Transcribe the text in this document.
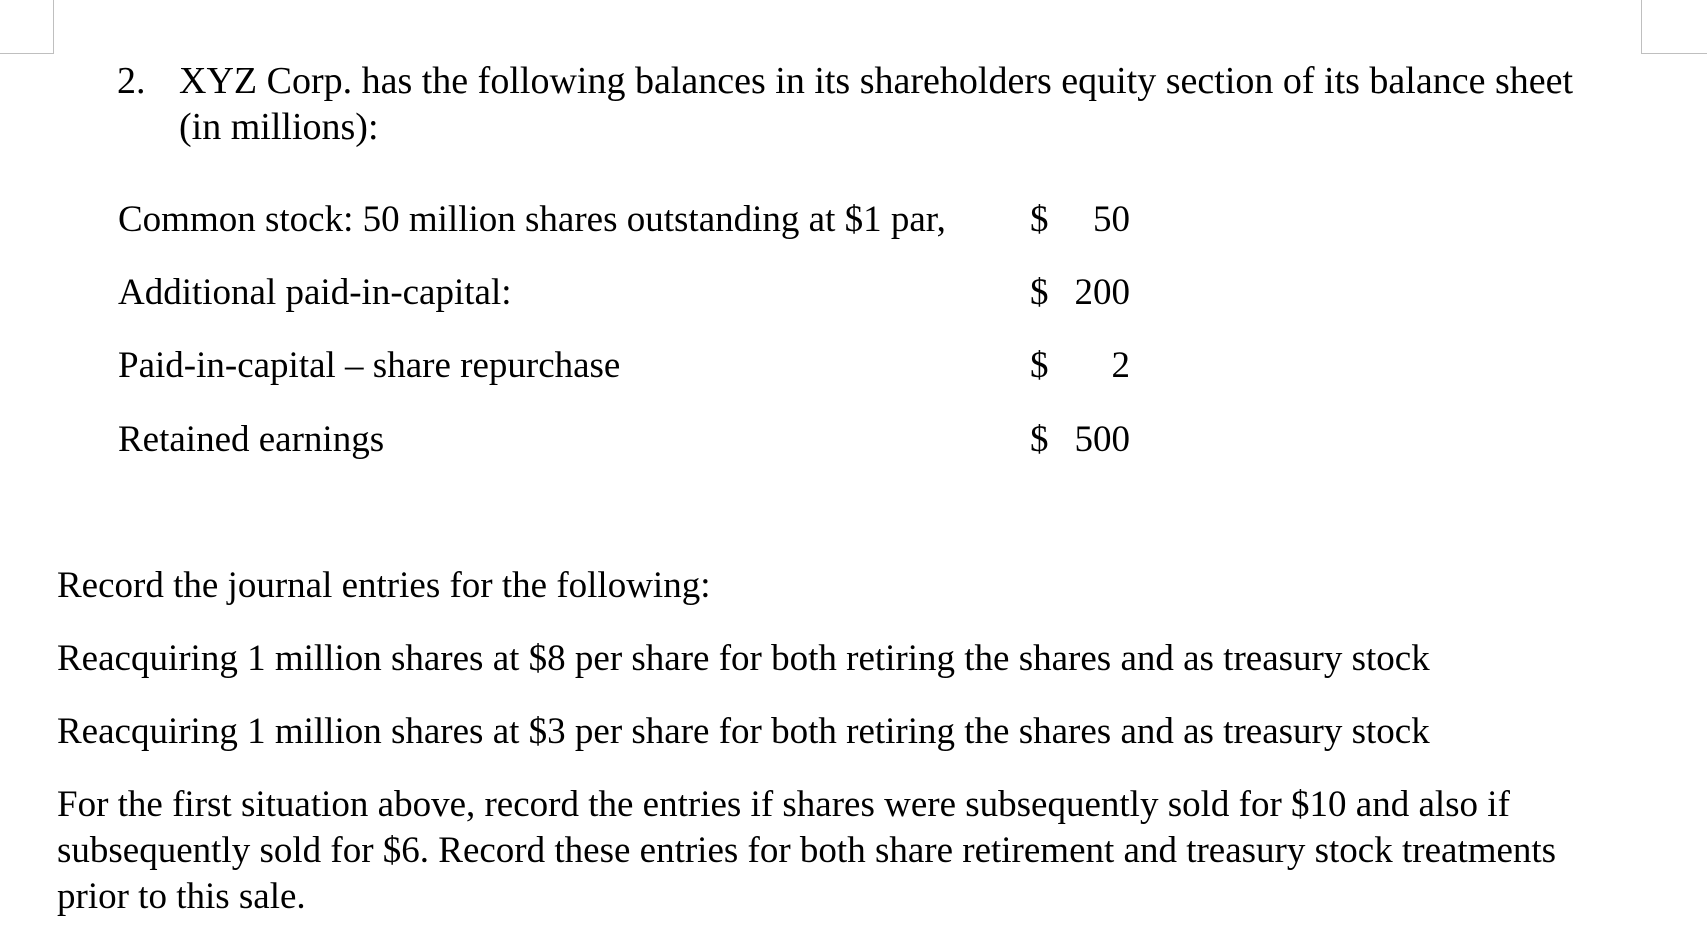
2. XYZ Corp. has the following balances in its shareholders equity section of its balance sheet (in millions):
Common stock: 50 million shares outstanding at $1 par, $ 50
Additional paid-in-capital:	$ 200
Paid-in-capital – share repurchase	$ 2
Retained earnings	$ 500

Record the journal entries for the following:

Reacquiring 1 million shares at $8 per share for both retiring the shares and as treasury stock

Reacquiring 1 million shares at $3 per share for both retiring the shares and as treasury stock

For the first situation above, record the entries if shares were subsequently sold for $10 and also if subsequently sold for $6. Record these entries for both share retirement and treasury stock treatments prior to this sale.
